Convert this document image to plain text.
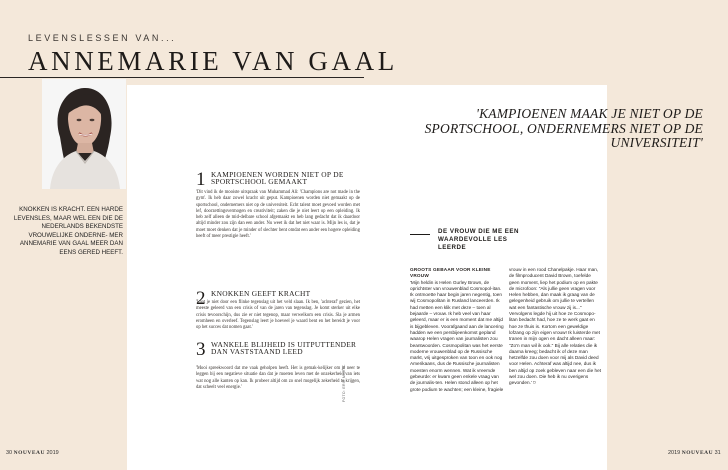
LEVENSLESSEN VAN...
ANNEMARIE VAN GAAL
KNOKKEN IS KRACHT. EEN HARDE LEVENSLES, MAAR WEL EEN DIE DE NEDERLANDS BEKENDSTE VROUWELIJKE ONDERNE- MER ANNEMARIE VAN GAAL MEER DAN EENS GERED HEEFT.
1 KAMPIOENEN WORDEN NIET OP DE SPORTSCHOOL GEMAAKT
'Dit vind ik de mooiste uitspraak van Muhammad Ali: 'Champions are not made in the gym'. Ik heb daar zowel kracht uit geput. Kampioenen worden niet gemaakt op de sportschool, ondernemers niet op de universiteit. Echt talent moet gevoed worden met lef, doorzettingsvermogen en creativiteit; zaken die je niet leert op een opleiding. Ik heb zelf alleen de mid-delbare school afgemaakt en heb lang gedacht dat ik daardoor altijd minder zou zijn dan een ander. Nu weet ik dat het niet waar is. Mijn les is, dat je moet moet denken dat je minder of slechter bent omdat een ander een hogere opleiding heeft of meer prestigie heeft.'
2 KNOKKEN GEEFT KRACHT
'Laat je niet door een flinke tegenslag uit het veld slaan. Ik ben, 'achteraf' gezien, het meeste geleerd van een crisis of van de jaren van tegenslag. Je komt sterker uit elke crisis tevoorschijn, dus zie er niet tegenop, maar verwelkom een crisis. Sla je armen eromheen en overleef. Tegenslag leert je hoeveel je waard bent en het bereidt je voor op het succes dat nomen gaat.'
3 WANKELE BLIJHEID IS UITPUTTENDER DAN VASTSTAAND LEED
'Mooi spreekwoord dat me vaak geholpen heeft. Het is gemak-kelijker om je neer te leggen bij een negatieve situatie dan dat je moeten leven met de onzekerheid van iets wat nog alle kanten op kan. Ik probeer altijd om zo snel mogelijk zekerheid te krijgen, dat scheelt veel energie.'	FOTO: ERIK MAREL
30 NOUVEAU 2019	2019 NOUVEAU 31
'KAMPIOENEN MAAK JE NIET OP DE SPORTSCHOOL, ONDERNEMERS NIET OP DE UNIVERSITEIT'
DE VROUW DIE ME EEN WAARDEVOLLE LES LEERDE
GROOTS GEBAAR VOOR KLEINE VROUW
'Mijn heldin is Helen Gurley Brown, de oprichtster van vrouwenblad Cosmopol-itan. Ik ontmoette haar begin jaren negentig, toen wij Cosmopolitan in Rusland lanceerden. Ik had metten een klik met deze – toen al bejaarde – vrouw. Ik heb veel van haar geleerd, maar er is een moment dat me altijd is bijgebleven. Voorafgaand aan de lancering hadden we een persbijeenkomst gepland waarop Helen vragen van journalisten zou beantwoorden. Cosmopolitan was het eerste moderne vrouwenblad op de Russische markt, vrij uitgesproken van toon en ook nog Amerikaans, dus de Russische journalisten moesten enorm wennen. Wat ik vreemde gebeurde: er kwam geen enkele vraag van de journalis-ten. Helen stond alleen op het grote podium te wachten; een kleine, fragiele
vrouw in een rood Chanelpakje. Haar man, de filmproducent David Brown, toefelde geen moment, liep het podium op en pakte de microfoon: "Als jullie geen vragen voor Helen hebben, dan maak ik graag van de gelegenheid gebruik om jullie te vertellen wat een fantastische vrouw zij is..." Vervolgens legde hij uit hoe ze Cosmopo-litan bedacht had, hoe ze te werk gaat en hoe ze thuis is. Kortom een geweldige lofzang op zijn eigen vrouw! Ik luisterde met tranen in mijn ogen en dacht alleen maar: "Zo'n man wil ik ook." Bij alle relaties die ik daarna kreeg; bedacht ik of deze man hetzelfde zou doen voor mij als David deed voor Helen. Achteraf was altijd nee, dus ik ben altijd op zoek gebleven naar een die het wel zou doen. Die heb ik nu overigens gevonden.' ⌑
